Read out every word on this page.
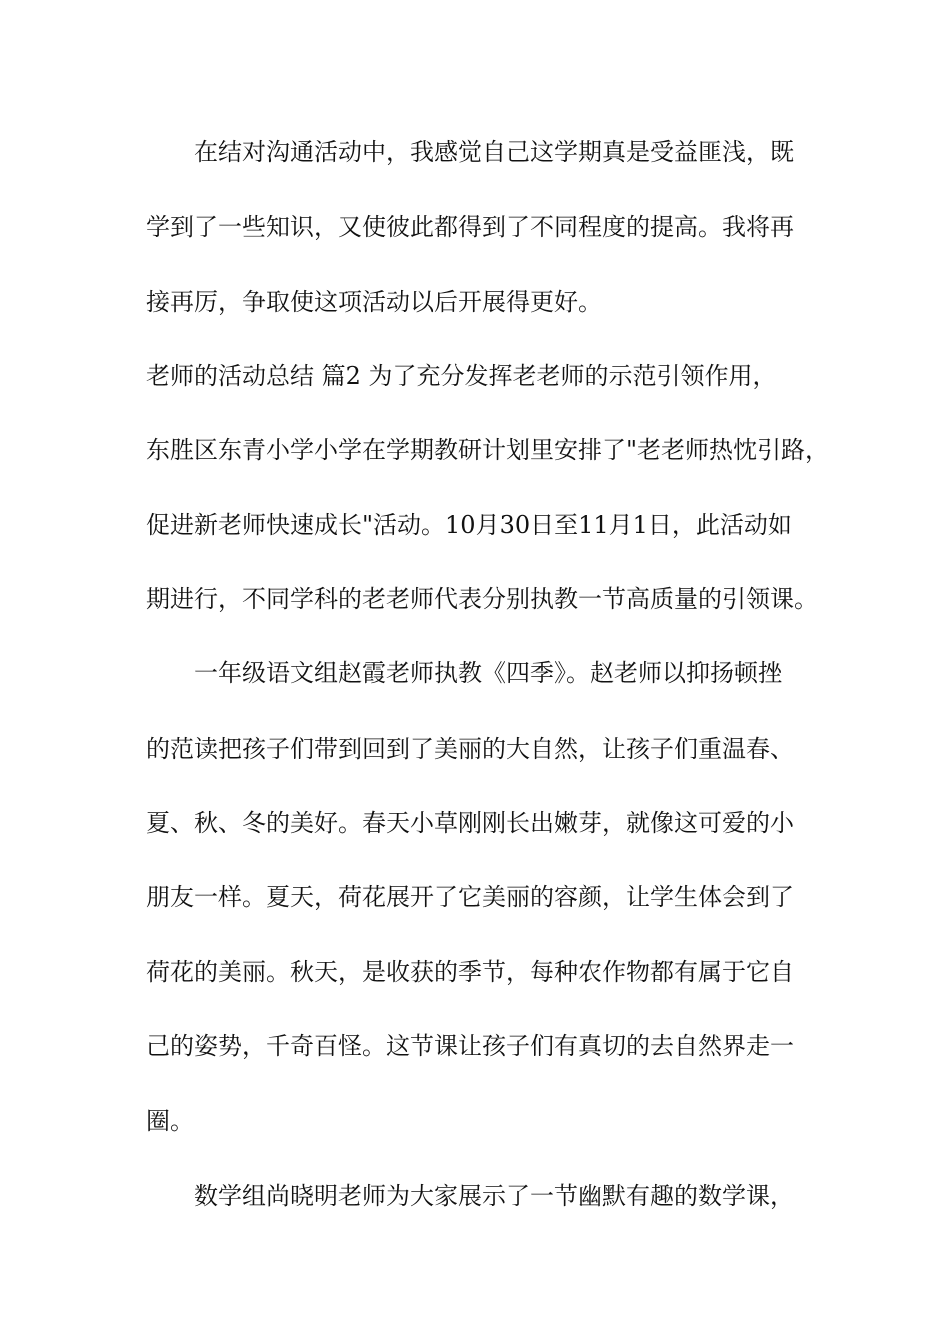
在结对沟通活动中，我感觉自己这学期真是受益匪浅，既
学到了一些知识，又使彼此都得到了不同程度的提高。我将再
接再厉，争取使这项活动以后开展得更好。
老师的活动总结 篇2 为了充分发挥老老师的示范引领作用，
东胜区东青小学小学在学期教研计划里安排了"老老师热忱引路，
促进新老师快速成长"活动。10月30日至11月1日，此活动如
期进行，不同学科的老老师代表分别执教一节高质量的引领课。
一年级语文组赵霞老师执教《四季》。赵老师以抑扬顿挫
的范读把孩子们带到回到了美丽的大自然，让孩子们重温春、
夏、秋、冬的美好。春天小草刚刚长出嫩芽，就像这可爱的小
朋友一样。夏天，荷花展开了它美丽的容颜，让学生体会到了
荷花的美丽。秋天，是收获的季节，每种农作物都有属于它自
己的姿势，千奇百怪。这节课让孩子们有真切的去自然界走一
圈。
数学组尚晓明老师为大家展示了一节幽默有趣的数学课，
